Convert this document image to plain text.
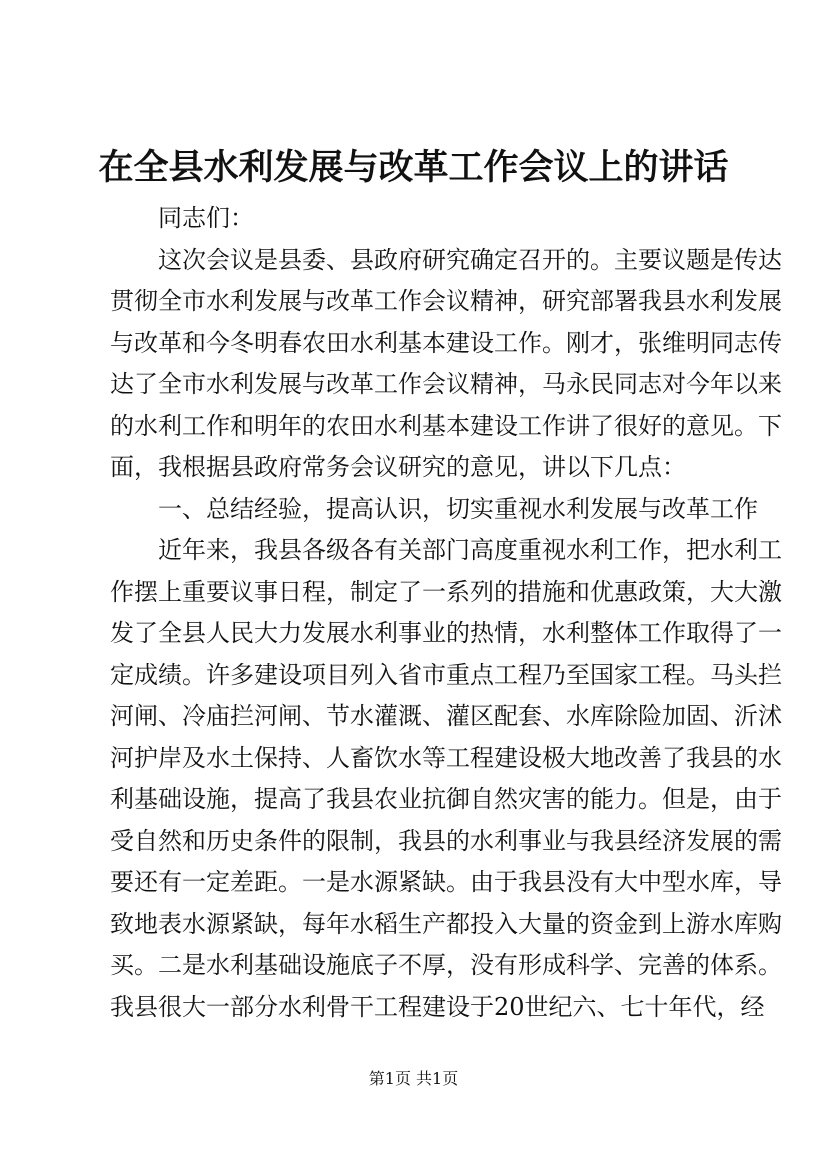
在全县水利发展与改革工作会议上的讲话
同志们：
这 次 会 议 是 县 委 、 县 政 府 研 究 确 定 召 开 的 。 主 要 议 题 是 传 达
贯 彻 全 市 水 利 发 展 与 改 革 工 作 会 议 精 神 ， 研 究 部 署 我 县 水 利 发 展
与 改 革 和 今 冬 明 春 农 田 水 利 基 本 建 设 工 作 。 刚 才 ， 张 维 明 同 志 传
达 了 全 市 水 利 发 展 与 改 革 工 作 会 议 精 神 ， 马 永 民 同 志 对 今 年 以 来
的 水 利 工 作 和 明 年 的 农 田 水 利 基 本 建 设 工 作 讲 了 很 好 的 意 见 。 下
面，我根据县政府常务会议研究的意见，讲以下几点：
一、总结经验，提高认识，切实重视水利发展与改革工作
近 年 来 ， 我 县 各 级 各 有 关 部 门 高 度 重 视 水 利 工 作 ， 把 水 利 工
作 摆 上 重 要 议 事 日 程 ， 制 定 了 一 系 列 的 措 施 和 优 惠 政 策 ， 大 大 激
发 了 全 县 人 民 大 力 发 展 水 利 事 业 的 热 情 ， 水 利 整 体 工 作 取 得 了 一
定 成 绩 。 许 多 建 设 项 目 列 入 省 市 重 点 工 程 乃 至 国 家 工 程 。 马 头 拦
河 闸 、 冷 庙 拦 河 闸 、 节 水 灌 溉 、 灌 区 配 套 、 水 库 除 险 加 固 、 沂 沭
河 护 岸 及 水 土 保 持 、 人 畜 饮 水 等 工 程 建 设 极 大 地 改 善 了 我 县 的 水
利 基 础 设 施 ， 提 高 了 我 县 农 业 抗 御 自 然 灾 害 的 能 力 。 但 是 ， 由 于
受 自 然 和 历 史 条 件 的 限 制 ， 我 县 的 水 利 事 业 与 我 县 经 济 发 展 的 需
要 还 有 一 定 差 距 。 一 是 水 源 紧 缺 。 由 于 我 县 没 有 大 中 型 水 库 ， 导
致 地 表 水 源 紧 缺 ， 每 年 水 稻 生 产 都 投 入 大 量 的 资 金 到 上 游 水 库 购
买 。 二 是 水 利 基 础 设 施 底 子 不 厚 ， 没 有 形 成 科 学 、 完 善 的 体 系 。
我 县 很 大 一 部 分 水 利 骨 干 工 程 建 设 于 20 世 纪 六 、 七 十 年 代 ， 经
第1页 共1页
